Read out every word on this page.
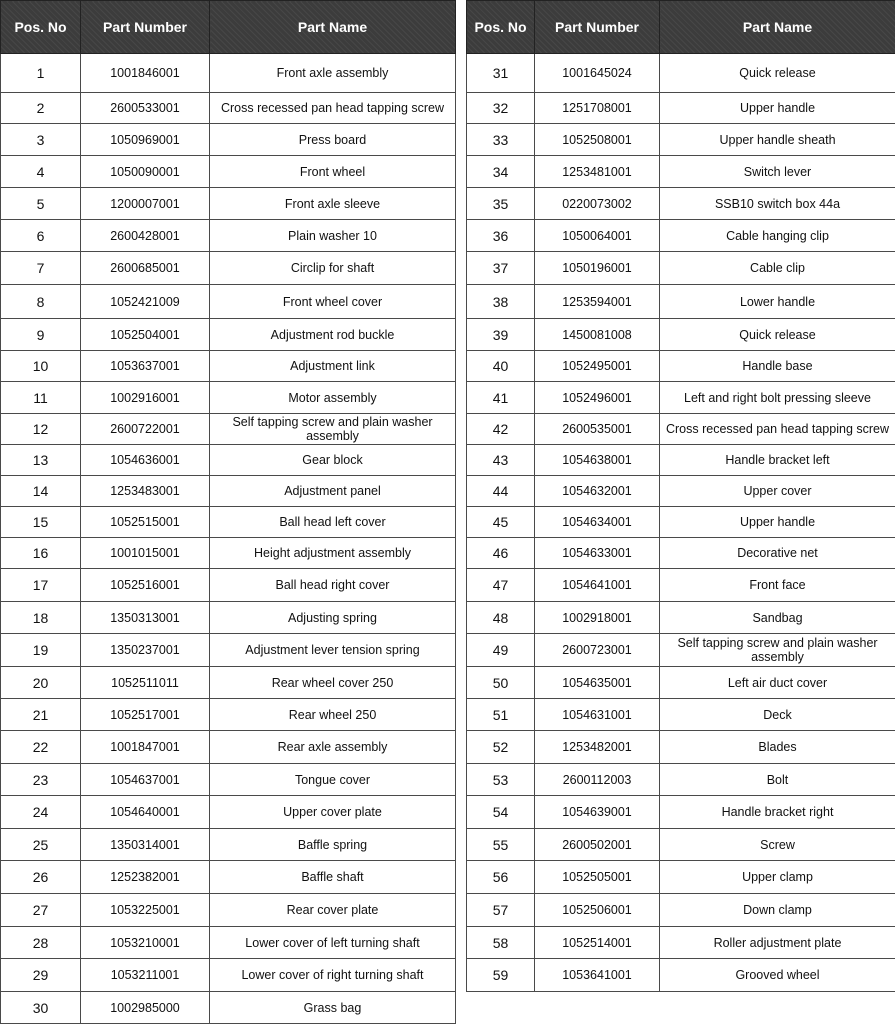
Pos. No	Part Number	Part Name
1	1001846001	Front axle assembly
2	2600533001	Cross recessed pan head tapping screw
3	1050969001	Press board
4	1050090001	Front wheel
5	1200007001	Front axle sleeve
6	2600428001	Plain washer 10
7	2600685001	Circlip for shaft
8	1052421009	Front wheel cover
9	1052504001	Adjustment rod buckle
10	1053637001	Adjustment link
11	1002916001	Motor assembly
12	2600722001	Self tapping screw and plain washer assembly
13	1054636001	Gear block
14	1253483001	Adjustment panel
15	1052515001	Ball head left cover
16	1001015001	Height adjustment assembly
17	1052516001	Ball head right cover
18	1350313001	Adjusting spring
19	1350237001	Adjustment lever tension spring
20	1052511011	Rear wheel cover 250
21	1052517001	Rear wheel 250
22	1001847001	Rear axle assembly
23	1054637001	Tongue cover
24	1054640001	Upper cover plate
25	1350314001	Baffle spring
26	1252382001	Baffle shaft
27	1053225001	Rear cover plate
28	1053210001	Lower cover of left turning shaft
29	1053211001	Lower cover of right turning shaft
30	1002985000	Grass bag
Pos. No	Part Number	Part Name
31	1001645024	Quick release
32	1251708001	Upper handle
33	1052508001	Upper handle sheath
34	1253481001	Switch lever
35	0220073002	SSB10 switch box 44a
36	1050064001	Cable hanging clip
37	1050196001	Cable clip
38	1253594001	Lower handle
39	1450081008	Quick release
40	1052495001	Handle base
41	1052496001	Left and right bolt pressing sleeve
42	2600535001	Cross recessed pan head tapping screw
43	1054638001	Handle bracket left
44	1054632001	Upper cover
45	1054634001	Upper handle
46	1054633001	Decorative net
47	1054641001	Front face
48	1002918001	Sandbag
49	2600723001	Self tapping screw and plain washer assembly
50	1054635001	Left air duct cover
51	1054631001	Deck
52	1253482001	Blades
53	2600112003	Bolt
54	1054639001	Handle bracket right
55	2600502001	Screw
56	1052505001	Upper clamp
57	1052506001	Down clamp
58	1052514001	Roller adjustment plate
59	1053641001	Grooved wheel
